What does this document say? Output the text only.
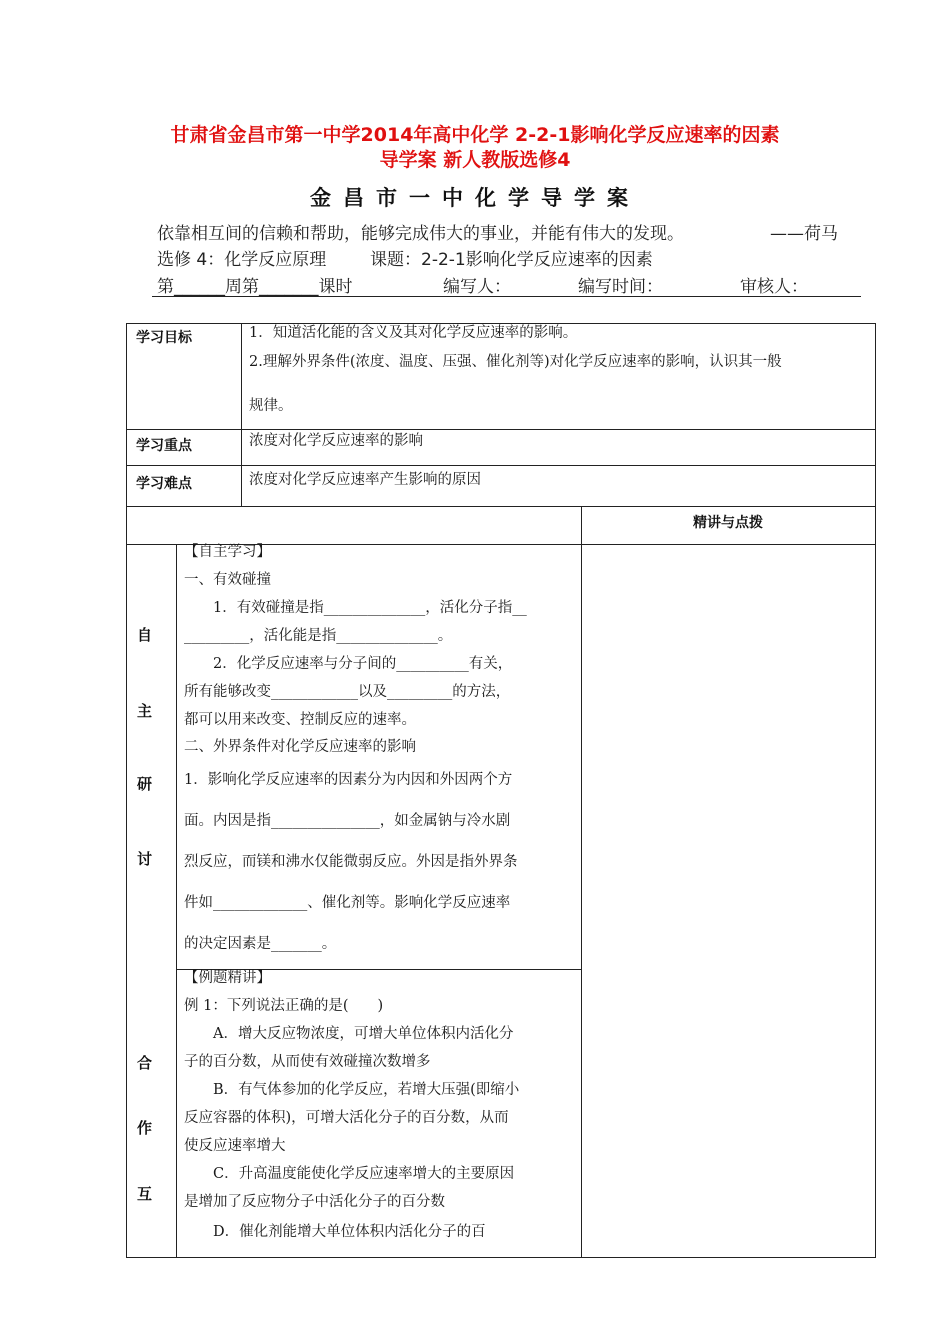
甘肃省金昌市第一中学2014年高中化学 2-2-1影响化学反应速率的因素
导学案 新人教版选修4
金昌市一中化学导学案
依靠相互间的信赖和帮助，能够完成伟大的事业，并能有伟大的发现。	——荷马
选修 4：化学反应原理	课题：2-2-1影响化学反应速率的因素
第______周第_______课时	编写人：	编写时间：	审核人：
学习目标	1．知道活化能的含义及其对化学反应速率的影响。
2.理解外界条件(浓度、温度、压强、催化剂等)对化学反应速率的影响，认识其一般
规律。
学习重点	浓度对化学反应速率的影响
学习难点	浓度对化学反应速率产生影响的原因
精讲与点拨
自
主
研
讨
【自主学习】
一、有效碰撞
　　1．有效碰撞是指______________，活化分子指__
_________，活化能是指______________。
　　2．化学反应速率与分子间的__________有关，
所有能够改变____________以及_________的方法，
都可以用来改变、控制反应的速率。
二、外界条件对化学反应速率的影响
1．影响化学反应速率的因素分为内因和外因两个方
面。内因是指_______________，如金属钠与冷水剧
烈反应，而镁和沸水仅能微弱反应。外因是指外界条
件如_____________、催化剂等。影响化学反应速率
的决定因素是_______。
合
作
互
【例题精讲】
例 1：下列说法正确的是(　　)
　　A．增大反应物浓度，可增大单位体积内活化分
子的百分数，从而使有效碰撞次数增多
　　B．有气体参加的化学反应，若增大压强(即缩小
反应容器的体积)，可增大活化分子的百分数，从而
使反应速率增大
　　C．升高温度能使化学反应速率增大的主要原因
是增加了反应物分子中活化分子的百分数
　　D．催化剂能增大单位体积内活化分子的百
